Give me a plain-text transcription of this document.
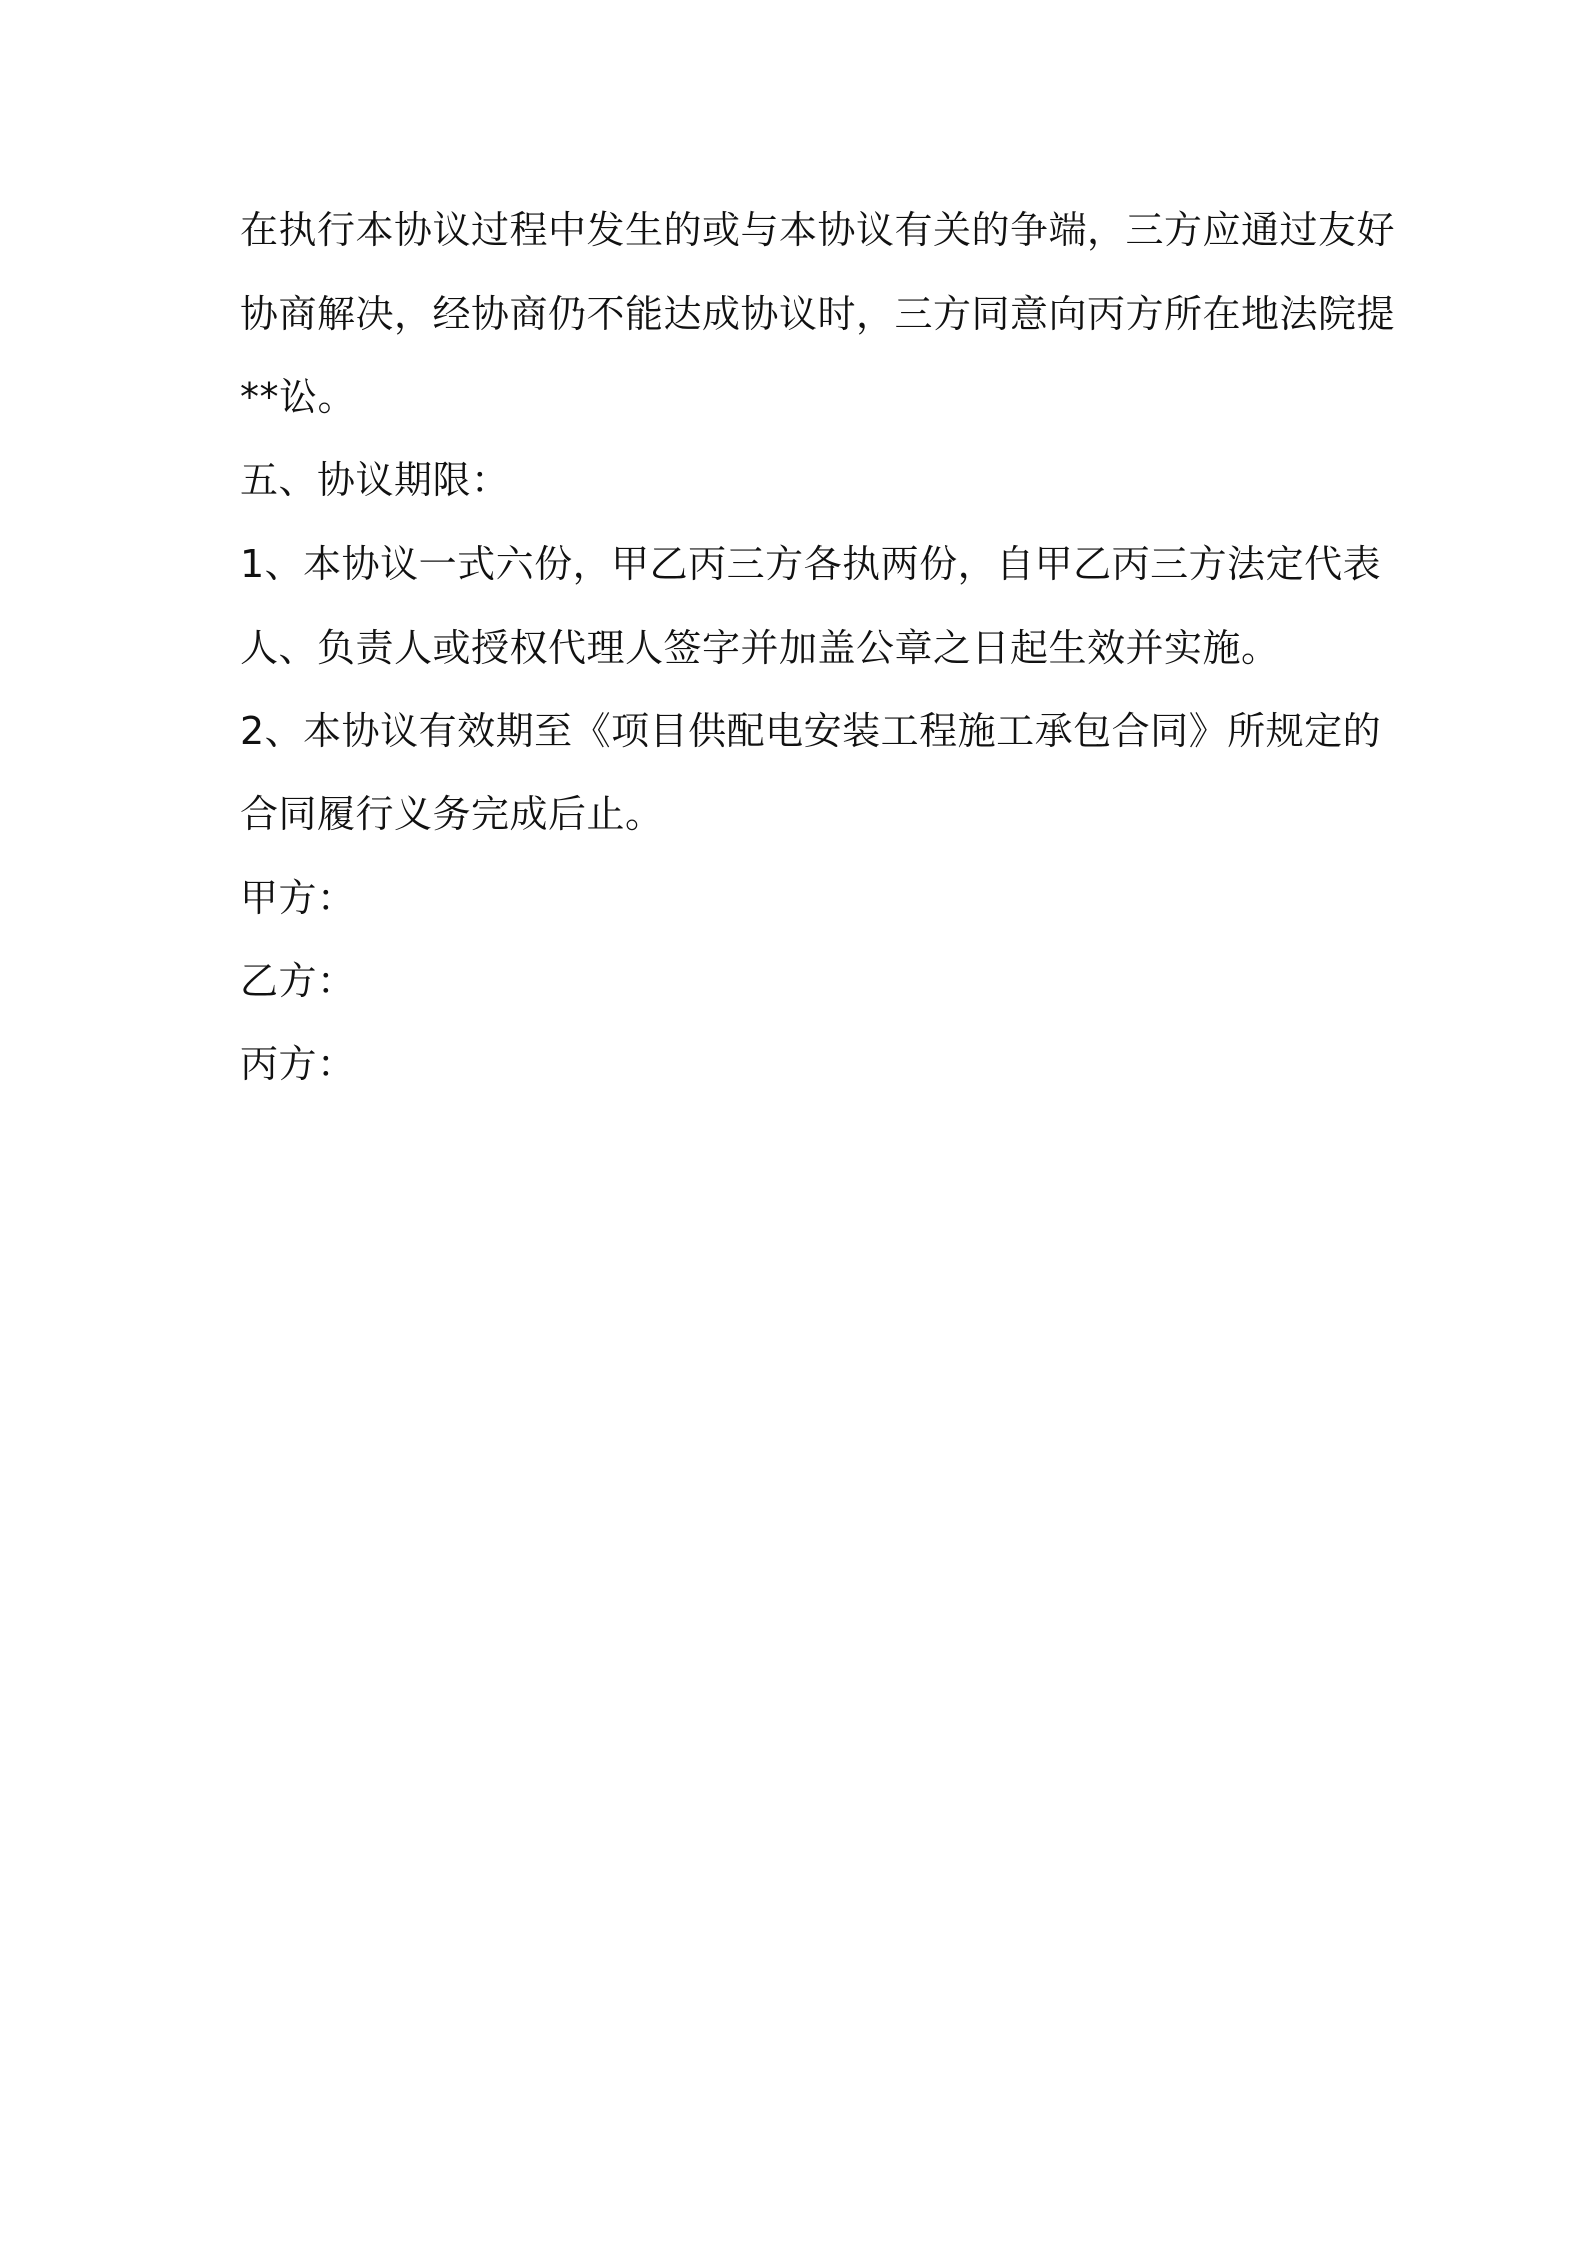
在执行本协议过程中发生的或与本协议有关的争端，三方应通过友好
协商解决，经协商仍不能达成协议时，三方同意向丙方所在地法院提
**讼。
五、协议期限：
1、本协议一式六份，甲乙丙三方各执两份，自甲乙丙三方法定代表
人、负责人或授权代理人签字并加盖公章之日起生效并实施。
2、本协议有效期至《项目供配电安装工程施工承包合同》所规定的
合同履行义务完成后止。
甲方：
乙方：
丙方：
